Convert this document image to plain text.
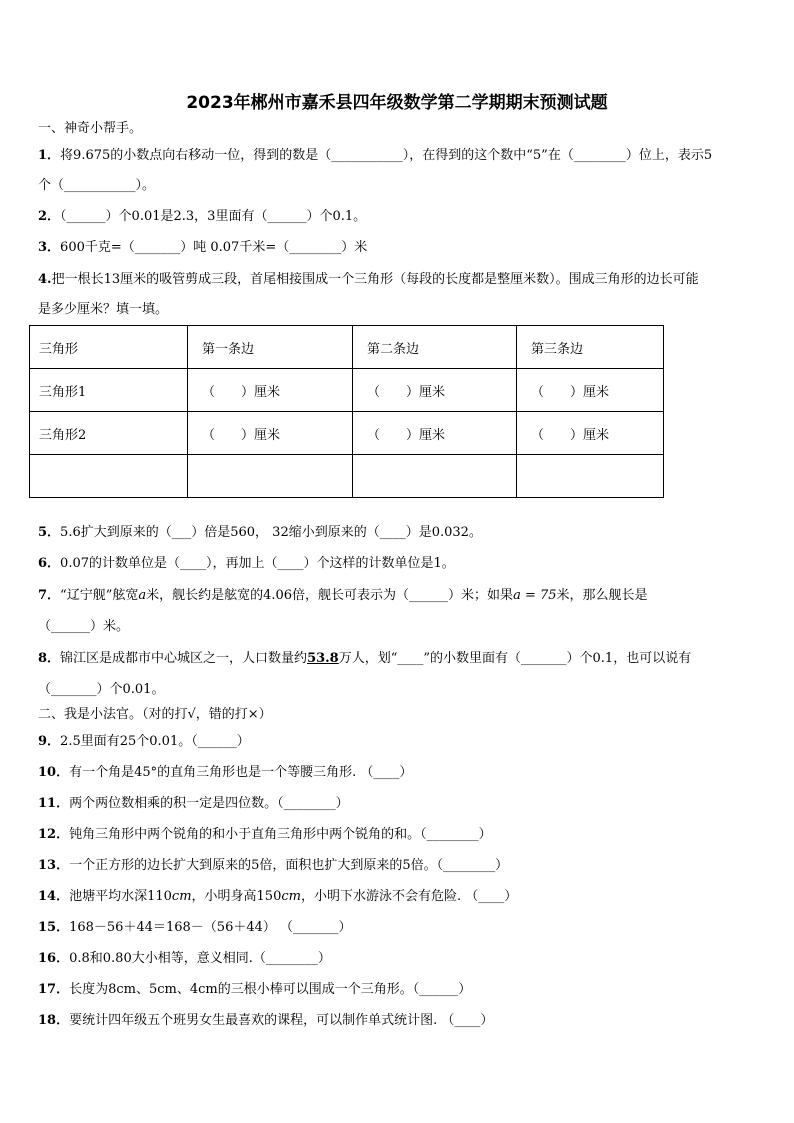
2023年郴州市嘉禾县四年级数学第二学期期末预测试题
一、神奇小帮手。
1．将9.675的小数点向右移动一位，得到的数是（___________），在得到的这个数中“5”在（________）位上，表示5
个（___________）。
2．（______）个0.01是2.3，3里面有（______）个0.1。
3．600千克=（_______）吨 0.07千米=（________）米
4.把一根长13厘米的吸管剪成三段，首尾相接围成一个三角形（每段的长度都是整厘米数）。围成三角形的边长可能
是多少厘米？填一填。
三角形	第一条边	第二条边	第三条边
三角形1	（　　）厘米	（　　）厘米	（　　）厘米
三角形2	（　　）厘米	（　　）厘米	（　　）厘米

5．5.6扩大到原来的（___）倍是560， 32缩小到原来的（____）是0.032。
6．0.07的计数单位是（____），再加上（____）个这样的计数单位是1。
7．“辽宁舰”舷宽a米，舰长约是舷宽的4.06倍，舰长可表示为（______）米；如果a = 75米，那么舰长是
（______）米。
8．锦江区是成都市中心城区之一，人口数量约53.8万人，划“____”的小数里面有（_______）个0.1，也可以说有
（_______）个0.01。
二、我是小法官。（对的打√，错的打×）
9．2.5里面有25个0.01。（______）
10．有一个角是45°的直角三角形也是一个等腰三角形. （____）
11．两个两位数相乘的积一定是四位数。（________）
12．钝角三角形中两个锐角的和小于直角三角形中两个锐角的和。（________）
13．一个正方形的边长扩大到原来的5倍，面积也扩大到原来的5倍。（________）
14．池塘平均水深110cm，小明身高150cm，小明下水游泳不会有危险. （____）
15．168－56＋44＝168－（56＋44） （_______）
16．0.8和0.80大小相等，意义相同.（________）
17．长度为8cm、5cm、4cm的三根小棒可以围成一个三角形。（______）
18．要统计四年级五个班男女生最喜欢的课程，可以制作单式统计图. （____）
